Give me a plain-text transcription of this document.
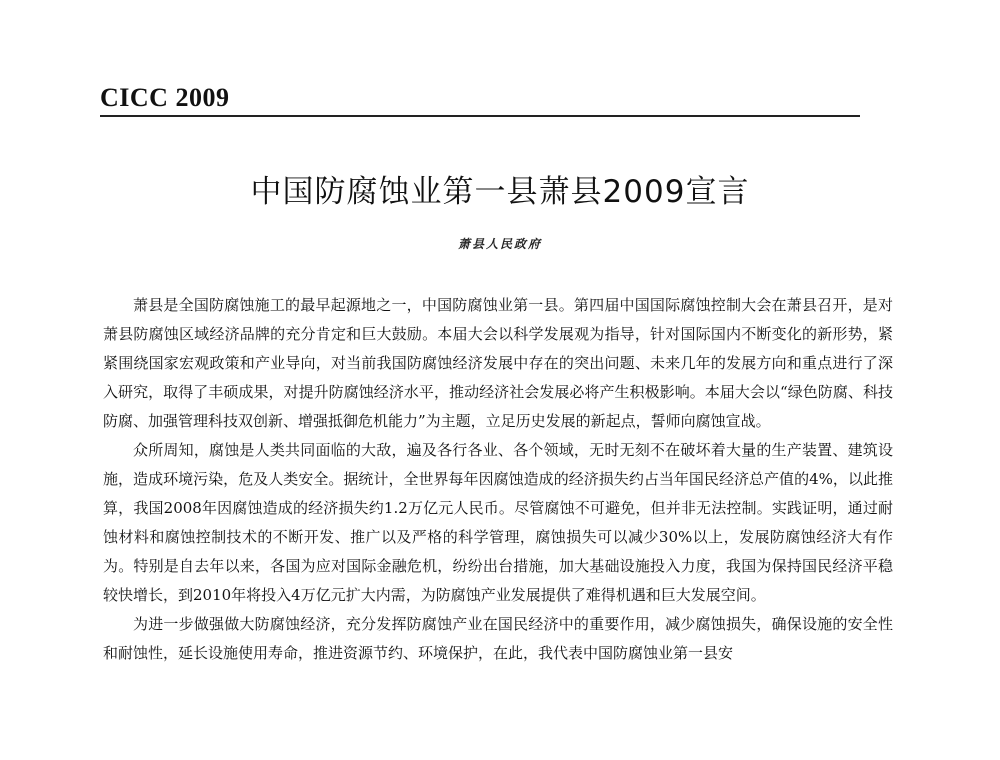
CICC 2009
中国防腐蚀业第一县萧县2009宣言
萧县人民政府

萧县是全国防腐蚀施工的最早起源地之一，中国防腐蚀业第一县。第四届中国国际腐蚀控制大会在萧县召开，是对萧县防腐蚀区域经济品牌的充分肯定和巨大鼓励。本届大会以科学发展观为指导，针对国际国内不断变化的新形势，紧紧围绕国家宏观政策和产业导向，对当前我国防腐蚀经济发展中存在的突出问题、未来几年的发展方向和重点进行了深入研究，取得了丰硕成果，对提升防腐蚀经济水平，推动经济社会发展必将产生积极影响。本届大会以“绿色防腐、科技防腐、加强管理科技双创新、增强抵御危机能力”为主题，立足历史发展的新起点，誓师向腐蚀宣战。

众所周知，腐蚀是人类共同面临的大敌，遍及各行各业、各个领域，无时无刻不在破坏着大量的生产装置、建筑设施，造成环境污染，危及人类安全。据统计，全世界每年因腐蚀造成的经济损失约占当年国民经济总产值的4%，以此推算，我国2008年因腐蚀造成的经济损失约1.2万亿元人民币。尽管腐蚀不可避免，但并非无法控制。实践证明，通过耐蚀材料和腐蚀控制技术的不断开发、推广以及严格的科学管理，腐蚀损失可以减少30%以上，发展防腐蚀经济大有作为。特别是自去年以来，各国为应对国际金融危机，纷纷出台措施，加大基础设施投入力度，我国为保持国民经济平稳较快增长，到2010年将投入4万亿元扩大内需，为防腐蚀产业发展提供了难得机遇和巨大发展空间。

为进一步做强做大防腐蚀经济，充分发挥防腐蚀产业在国民经济中的重要作用，减少腐蚀损失，确保设施的安全性和耐蚀性，延长设施使用寿命，推进资源节约、环境保护，在此，我代表中国防腐蚀业第一县安
